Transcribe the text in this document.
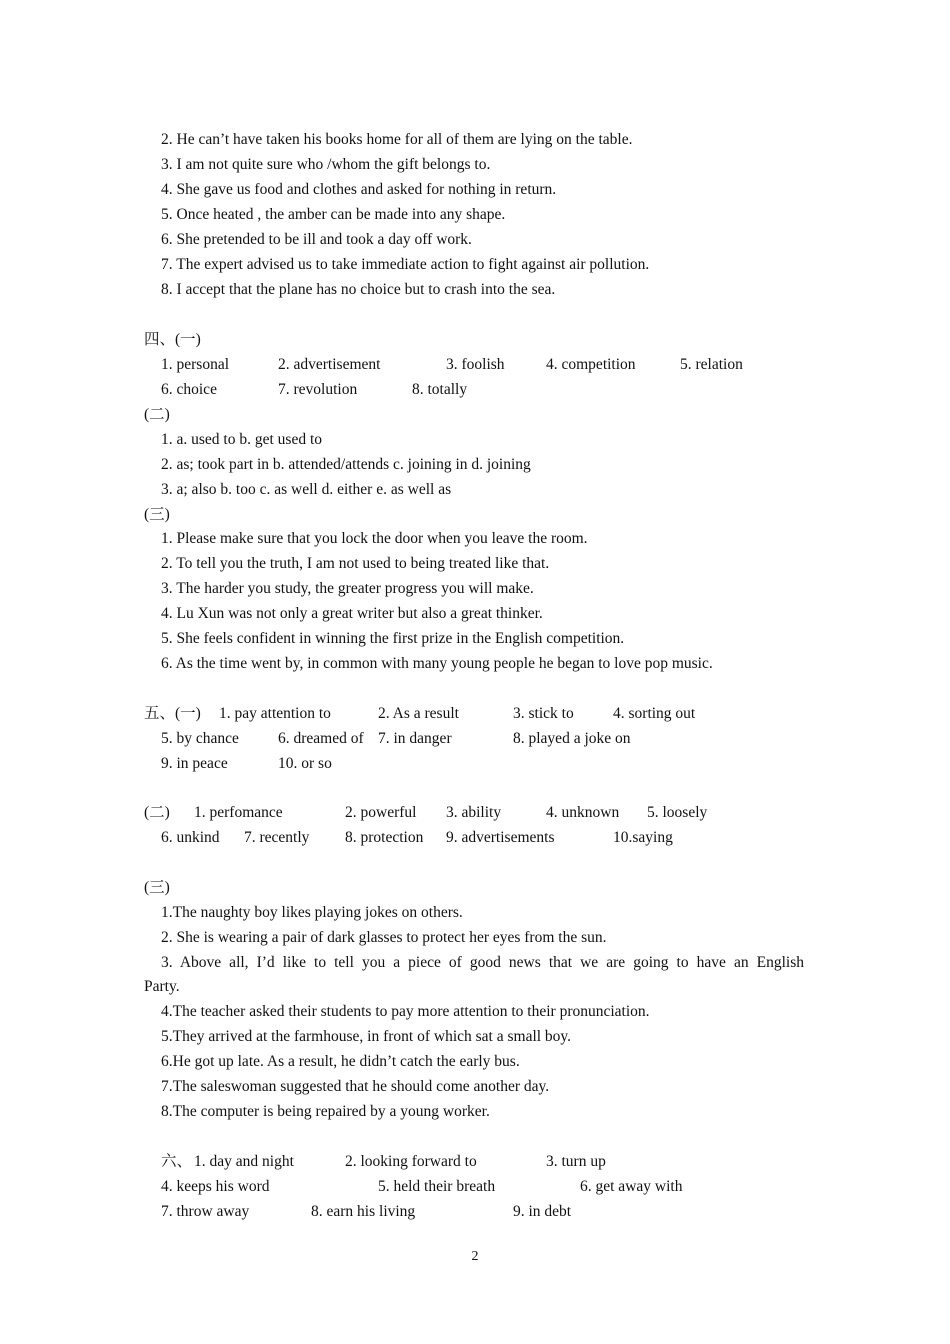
2. He can’t have taken his books home for all of them are lying on the table.
3. I am not quite sure who /whom the gift belongs to.
4. She gave us food and clothes and asked for nothing in return.
5. Once heated , the amber can be made into any shape.
6. She pretended to be ill and took a day off work.
7. The expert advised us to take immediate action to fight against air pollution.
8. I accept that the plane has no choice but to crash into the sea.
四、(一)
1. personal	2. advertisement	3. foolish	4. competition	5. relation
6. choice	7. revolution	8. totally
(二)
1. a. used to b. get used to
2. as; took part in b. attended/attends c. joining in d. joining
3. a; also b. too c. as well d. either e. as well as
(三)
1. Please make sure that you lock the door when you leave the room.
2. To tell you the truth, I am not used to being treated like that.
3. The harder you study, the greater progress you will make.
4. Lu Xun was not only a great writer but also a great thinker.
5. She feels confident in winning the first prize in the English competition.
6. As the time went by, in common with many young people he began to love pop music.
五、(一) 1. pay attention to	2. As a result	3. stick to	4. sorting out
5. by chance	6. dreamed of 7. in danger	8. played a joke on
9. in peace	10. or so
(二) 1. perfomance	2. powerful 3. ability	4. unknown 5. loosely
6. unkind 7. recently 8. protection 9. advertisements	10.saying
(三)
1.The naughty boy likes playing jokes on others.
2. She is wearing a pair of dark glasses to protect her eyes from the sun.
3. Above all, I’d like to tell you a piece of good news that we are going to have an English
Party.
4.The teacher asked their students to pay more attention to their pronunciation.
5.They arrived at the farmhouse, in front of which sat a small boy.
6.He got up late. As a result, he didn’t catch the early bus.
7.The saleswoman suggested that he should come another day.
8.The computer is being repaired by a young worker.
六、 1. day and night	2. looking forward to	3. turn up
4. keeps his word	5. held their breath	6. get away with
7. throw away	8. earn his living	9. in debt
2
